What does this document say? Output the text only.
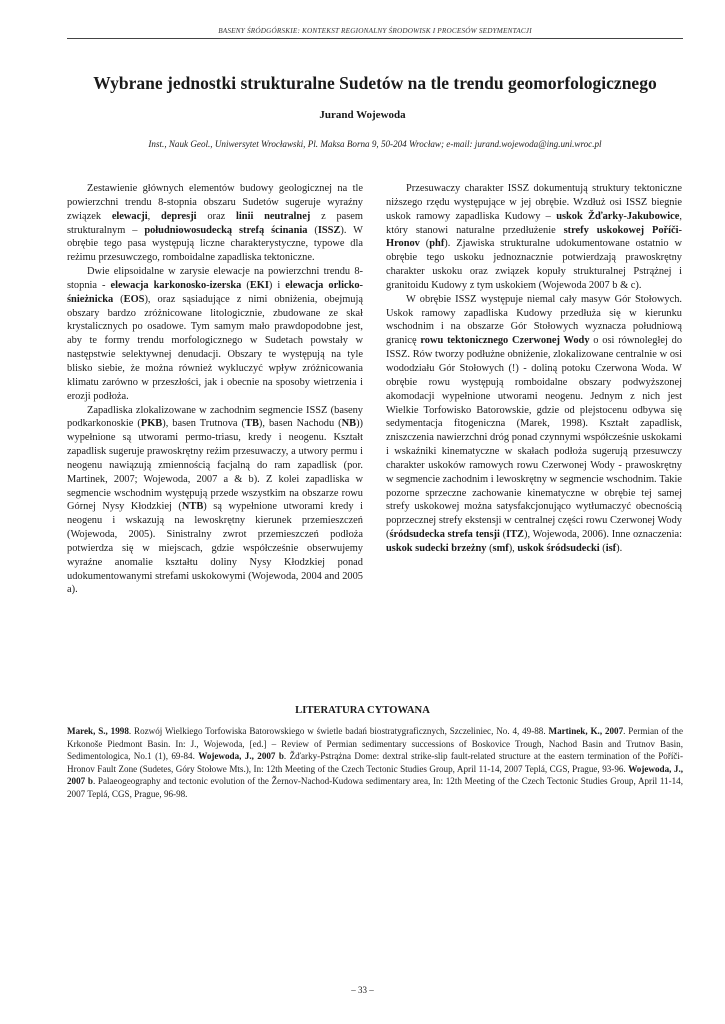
BASENY ŚRÓDGÓRSKIE: KONTEKST REGIONALNY ŚRODOWISK I PROCESÓW SEDYMENTACJI
Wybrane jednostki strukturalne Sudetów na tle trendu geomorfologicznego
Jurand Wojewoda
Inst., Nauk Geol., Uniwersytet Wrocławski, Pl. Maksa Borna 9, 50-204 Wrocław; e-mail: jurand.wojewoda@ing.uni.wroc.pl

Zestawienie głównych elementów budowy geologicznej na tle powierzchni trendu 8-stopnia obszaru Sudetów sugeruje wyraźny związek elewacji, depresji oraz linii neutralnej z pasem strukturalnym – południowosudecką strefą ścinania (ISSZ). W obrębie tego pasa występują liczne charakterystyczne, typowe dla reżimu przesuwczego, romboidalne zapadliska tektoniczne.

Dwie elipsoidalne w zarysie elewacje na powierzchni trendu 8-stopnia - elewacja karkonosko-izerska (EKI) i elewacja orlicko-śnieżnicka (EOS), oraz sąsiadujące z nimi obniżenia, obejmują obszary bardzo zróżnicowane litologicznie, zbudowane ze skał krystalicznych po osadowe. Tym samym mało prawdopodobne jest, aby te formy trendu morfologicznego w Sudetach powstały w następstwie selektywnej denudacji. Obszary te występują na tyle blisko siebie, że można również wykluczyć wpływ zróżnicowania klimatu zarówno w przeszłości, jak i obecnie na sposoby wietrzenia i erozji podłoża.

Zapadliska zlokalizowane w zachodnim segmencie ISSZ (baseny podkarkonoskie (PKB), basen Trutnova (TB), basen Nachodu (NB)) wypełnione są utworami permo-triasu, kredy i neogenu. Kształt zapadlisk sugeruje prawoskrętny reżim przesuwaczy, a utwory permu i neogenu nawiązują zmiennością facjalną do ram zapadlisk (por. Martinek, 2007; Wojewoda, 2007 a & b). Z kolei zapadliska w segmencie wschodnim występują przede wszystkim na obszarze rowu Górnej Nysy Kłodzkiej (NTB) są wypełnione utworami kredy i neogenu i wskazują na lewoskrętny kierunek przemieszczeń (Wojewoda, 2005). Sinistralny zwrot przemieszczeń podłoża potwierdza się w miejscach, gdzie współcześnie obserwujemy wyraźne anomalie kształtu doliny Nysy Kłodzkiej ponad udokumentowanymi strefami uskokowymi (Wojewoda, 2004 and 2005 a).

Przesuwaczy charakter ISSZ dokumentują struktury tektoniczne niższego rzędu występujące w jej obrębie. Wzdłuż osi ISSZ biegnie uskok ramowy zapadliska Kudowy – uskok Žďarky-Jakubowice, który stanowi naturalne przedłużenie strefy uskokowej Poříči-Hronov (phf). Zjawiska strukturalne udokumentowane ostatnio w obrębie tego uskoku jednoznacznie potwierdzają prawoskrętny charakter uskoku oraz związek kopuły strukturalnej Pstrążnej i granitoidu Kudowy z tym uskokiem (Wojewoda 2007 b & c).

W obrębie ISSZ występuje niemal cały masyw Gór Stołowych. Uskok ramowy zapadliska Kudowy przedłuża się w kierunku wschodnim i na obszarze Gór Stołowych wyznacza południową granicę rowu tektonicznego Czerwonej Wody o osi równoległej do ISSZ. Rów tworzy podłużne obniżenie, zlokalizowane centralnie w osi wododziału Gór Stołowych (!) - doliną potoku Czerwona Woda. W obrębie rowu występują romboidalne obszary podwyższonej akomodacji wypełnione utworami neogenu. Jednym z nich jest Wielkie Torfowisko Batorowskie, gdzie od plejstocenu odbywa się sedymentacja fitogeniczna (Marek, 1998). Kształt zapadlisk, zniszczenia nawierzchni dróg ponad czynnymi współcześnie uskokami i wskaźniki kinematyczne w skałach podłoża sugerują przesuwczy charakter uskoków ramowych rowu Czerwonej Wody - prawoskrętny w segmencie zachodnim i lewoskrętny w segmencie wschodnim. Takie pozorne sprzeczne zachowanie kinematyczne w obrębie tej samej strefy uskokowej można satysfakcjonująco wytłumaczyć obecnością poprzecznej strefy ekstensji w centralnej części rowu Czerwonej Wody (śródsudecka strefa tensji (ITZ), Wojewoda, 2006). Inne oznaczenia: uskok sudecki brzeżny (smf), uskok śródsudecki (isf).

LITERATURA CYTOWANA

Marek, S., 1998. Rozwój Wielkiego Torfowiska Batorowskiego w świetle badań biostratygraficznych, Szczeliniec, No. 4, 49-88. Martinek, K., 2007. Permian of the Krkonoše Piedmont Basin. In: J., Wojewoda, [ed.] – Review of Permian sedimentary successions of Boskovice Trough, Nachod Basin and Trutnov Basin, Sedimentologica, No.1 (1), 69-84. Wojewoda, J., 2007 b. Žďarky-Pstrążna Dome: dextral strike-slip fault-related structure at the eastern termination of the Poříči-Hronov Fault Zone (Sudetes, Góry Stołowe Mts.), In: 12th Meeting of the Czech Tectonic Studies Group, April 11-14, 2007 Teplá, CGS, Prague, 93-96. Wojewoda, J., 2007 b. Palaeogeography and tectonic evolution of the Žernov-Nachod-Kudowa sedimentary area, In: 12th Meeting of the Czech Tectonic Studies Group, April 11-14, 2007 Teplá, CGS, Prague, 96-98.

– 33 –
